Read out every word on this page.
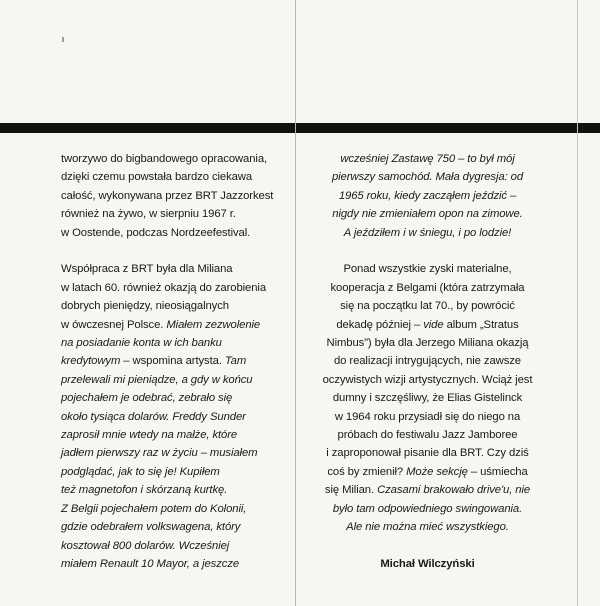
tworzywo do bigbandowego opracowania,
dzięki czemu powstała bardzo ciekawa
całość, wykonywana przez BRT Jazzorkest
również na żywo, w sierpniu 1967 r.
w Oostende, podczas Nordzeefestival.
Współpraca z BRT była dla Miliana
w latach 60. również okazją do zarobienia
dobrych pieniędzy, nieosiągalnych
w ówczesnej Polsce. Miałem zezwolenie
na posiadanie konta w ich banku
kredytowym – wspomina artysta. Tam
przelewali mi pieniądze, a gdy w końcu
pojechałem je odebrać, zebrało się
około tysiąca dolarów. Freddy Sunder
zaprosił mnie wtedy na małże, które
jadłem pierwszy raz w życiu – musiałem
podglądać, jak to się je! Kupiłem
też magnetofon i skórzaną kurtkę.
Z Belgii pojechałem potem do Kolonii,
gdzie odebrałem volkswagena, który
kosztował 800 dolarów. Wcześniej
miałem Renault 10 Mayor, a jeszcze
wcześniej Zastawę 750 – to był mój
pierwszy samochód. Mała dygresja: od
1965 roku, kiedy zacząłem jeździć –
nigdy nie zmieniałem opon na zimowe.
A jeździłem i w śniegu, i po lodzie!
Ponad wszystkie zyski materialne,
kooperacja z Belgami (która zatrzymała
się na początku lat 70., by powrócić
dekadę później – vide album „Stratus
Nimbus”) była dla Jerzego Miliana okazją
do realizacji intrygujących, nie zawsze
oczywistych wizji artystycznych. Wciąż jest
dumny i szczęśliwy, że Elias Gistelinck
w 1964 roku przysiadł się do niego na
próbach do festiwalu Jazz Jamboree
i zaproponował pisanie dla BRT. Czy dziś
coś by zmienił? Może sekcję – uśmiecha
się Milian. Czasami brakowało drive'u, nie
było tam odpowiedniego swingowania.
Ale nie można mieć wszystkiego.
Michał Wilczyński
